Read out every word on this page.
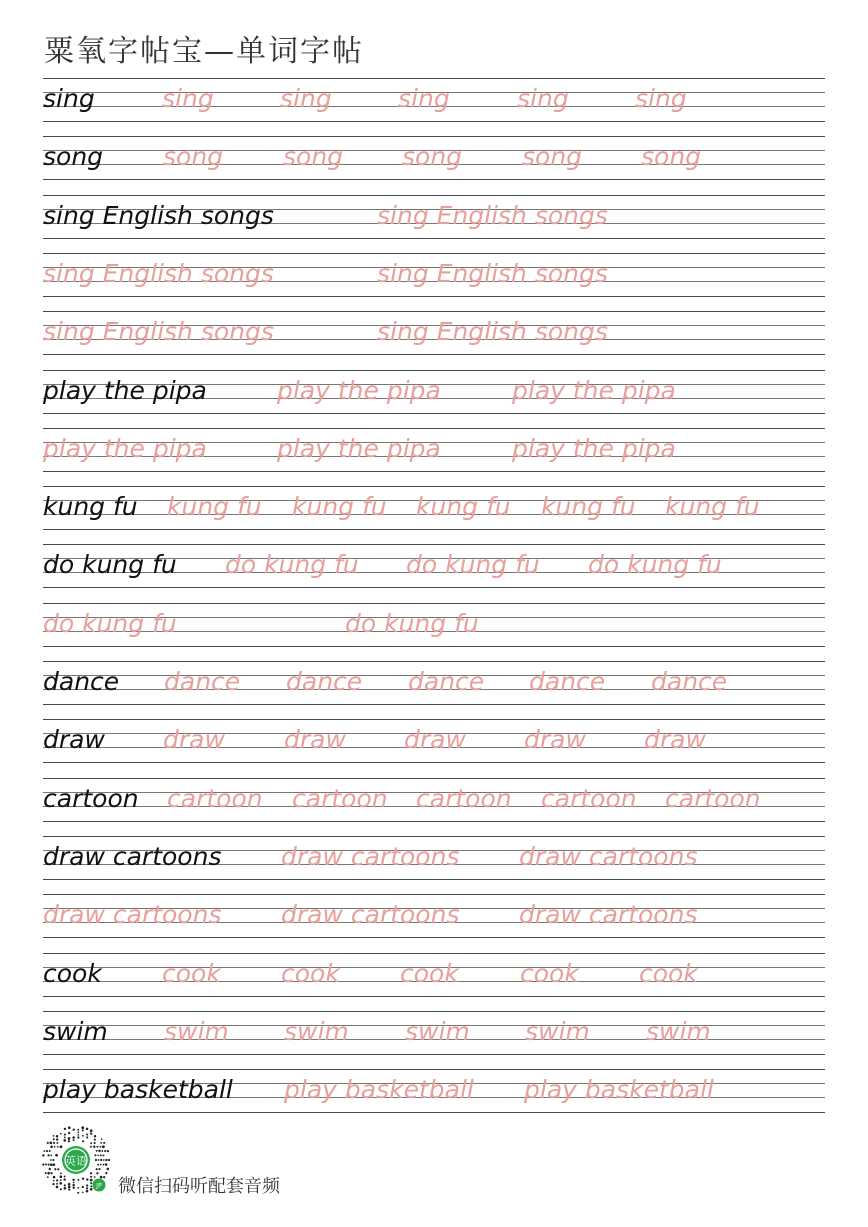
粟氧字帖宝—单词字帖
sing	sing	sing	sing	sing	sing
song song song song song song
sing English songs	sing English songs
sing English songs	sing English songs
sing English songs	sing English songs
play the pipa	play the pipa	play the pipa
play the pipa	play the pipa	play the pipa
kung fu kung fu kung fu kung fu kung fu kung fu
do kung fu do kung fu do kung fu do kung fu
do kung fu	do kung fu
dance dance dance dance dance dance
draw draw draw draw draw draw
cartoon cartoon cartoon cartoon cartoon cartoon
draw cartoons draw cartoons draw cartoons
draw cartoons draw cartoons draw cartoons
cook cook cook cook cook cook
swim swim swim swim swim swim
play basketball play basketball play basketball
英语
JP 微信扫码听配套音频
